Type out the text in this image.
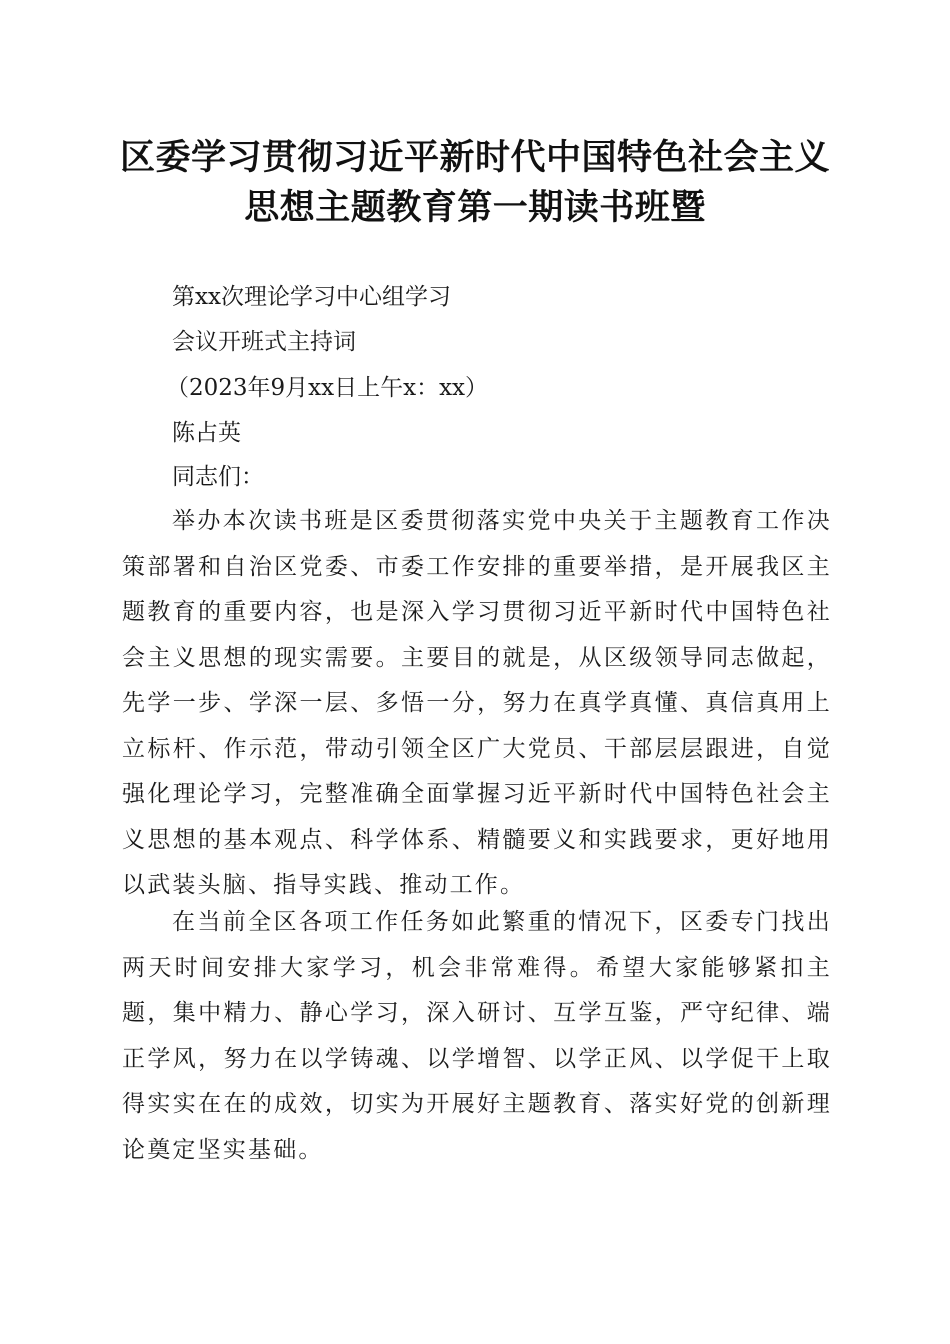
区委学习贯彻习近平新时代中国特色社会主义
思想主题教育第一期读书班暨

第xx次理论学习中心组学习

会议开班式主持词

（2023年9月xx日上午x：xx）

陈占英

同志们：

举办本次读书班是区委贯彻落实党中央关于主题教育工作决策部署和自治区党委、市委工作安排的重要举措，是开展我区主题教育的重要内容，也是深入学习贯彻习近平新时代中国特色社会主义思想的现实需要。主要目的就是，从区级领导同志做起，先学一步、学深一层、多悟一分，努力在真学真懂、真信真用上立标杆、作示范，带动引领全区广大党员、干部层层跟进，自觉强化理论学习，完整准确全面掌握习近平新时代中国特色社会主义思想的基本观点、科学体系、精髓要义和实践要求，更好地用以武装头脑、指导实践、推动工作。

在当前全区各项工作任务如此繁重的情况下，区委专门找出两天时间安排大家学习，机会非常难得。希望大家能够紧扣主题，集中精力、静心学习，深入研讨、互学互鉴，严守纪律、端正学风，努力在以学铸魂、以学增智、以学正风、以学促干上取得实实在在的成效，切实为开展好主题教育、落实好党的创新理论奠定坚实基础。
